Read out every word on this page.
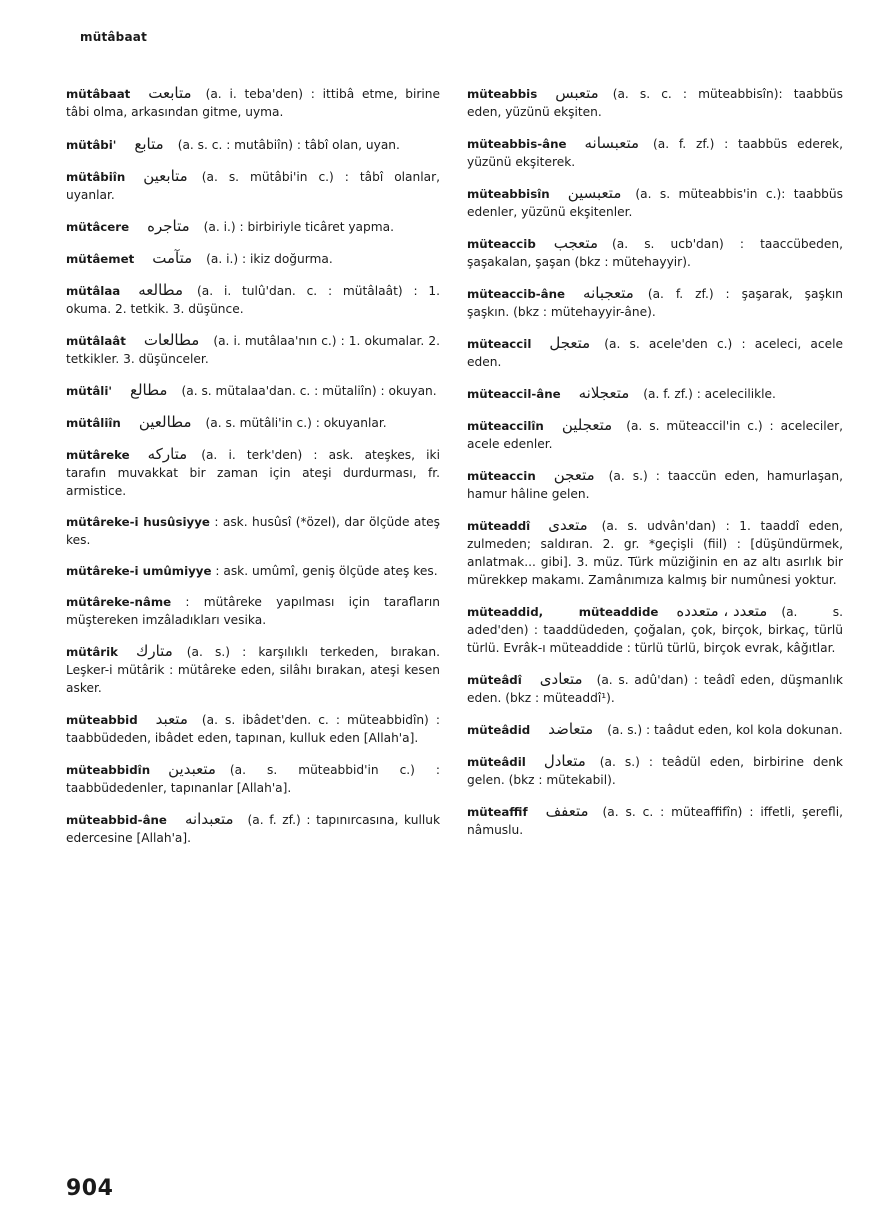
mütâbaat
mütâbaat متابعت (a. i. teba'den) : ittibâ etme, birine tâbi olma, arkasından gitme, uyma.
mütâbi' متابع (a. s. c. : mutâbiîn) : tâbî olan, uyan.
mütâbiîn متابعين (a. s. mütâbi'in c.) : tâbî olanlar, uyanlar.
mütâcere متاجره (a. i.) : birbiriyle ticâret yapma.
mütâemet متآمت (a. i.) : ikiz doğurma.
mütâlaa مطالعه (a. i. tulû'dan. c. : mütâlaât) : 1. okuma. 2. tetkik. 3. düşünce.
mütâlaât مطالعات (a. i. mutâlaa'nın c.) : 1. okumalar. 2. tetkikler. 3. düşünceler.
mütâli' مطالع (a. s. mütalaa'dan. c. : mütaliîn) : okuyan.
mütâliîn مطالعين (a. s. mütâli'in c.) : okuyanlar.
mütâreke متاركه (a. i. terk'den) : ask. ateşkes, iki tarafın muvakkat bir zaman için ateşi durdurması, fr. armistice.
mütâreke-i husûsiyye : ask. husûsî (*özel), dar ölçüde ateş kes.
mütâreke-i umûmiyye : ask. umûmî, geniş ölçüde ateş kes.
mütâreke-nâme : mütâreke yapılması için tarafların müştereken imzâladıkları vesika.
mütârik متارك (a. s.) : karşılıklı terkeden, bırakan. Leşker-i mütârik : mütâreke eden, silâhı bırakan, ateşi kesen asker.
müteabbid متعبد (a. s. ibâdet'den. c. : müteabbidîn) : taabbüdeden, ibâdet eden, tapınan, kulluk eden [Allah'a].
müteabbidîn متعبدين (a. s. müteabbid'in c.) : taabbüdedenler, tapınanlar [Allah'a].
müteabbid-âne متعبدانه (a. f. zf.) : tapınırcasına, kulluk edercesine [Allah'a].
müteabbis متعبس (a. s. c. : müteabbisîn): taabbüs eden, yüzünü ekşiten.
müteabbis-âne متعبسانه (a. f. zf.) : taabbüs ederek, yüzünü ekşiterek.
müteabbisîn متعبسين (a. s. müteabbis'in c.): taabbüs edenler, yüzünü ekşitenler.
müteaccib متعجب (a. s. ucb'dan) : taaccübeden, şaşakalan, şaşan (bkz : mütehayyir).
müteaccib-âne متعجبانه (a. f. zf.) : şaşarak, şaşkın şaşkın. (bkz : mütehayyir-âne).
müteaccil متعجل (a. s. acele'den c.) : aceleci, acele eden.
müteaccil-âne متعجلانه (a. f. zf.) : acelecilikle.
müteaccilîn متعجلين (a. s. müteaccil'in c.) : aceleciler, acele edenler.
müteaccin متعجن (a. s.) : taaccün eden, hamurlaşan, hamur hâline gelen.
müteaddî متعدى (a. s. udvân'dan) : 1. taaddî eden, zulmeden; saldıran. 2. gr. *geçişli (fiil) : [düşündürmek, anlatmak... gibi]. 3. müz. Türk müziğinin en az altı asırlık bir mürekkep makamı. Zamânımıza kalmış bir numûnesi yoktur.
müteaddid, müteaddide متعدد ، متعدده (a. s. aded'den) : taaddüdeden, çoğalan, çok, birçok, birkaç, türlü türlü. Evrâk-ı müteaddide : türlü türlü, birçok evrak, kâğıtlar.
müteâdî متعادى (a. s. adû'dan) : teâdî eden, düşmanlık eden. (bkz : müteaddî¹).
müteâdid متعاضد (a. s.) : taâdut eden, kol kola dokunan.
müteâdil متعادل (a. s.) : teâdül eden, birbirine denk gelen. (bkz : mütekabil).
müteaffif متعفف (a. s. c. : müteaffifîn) : iffetli, şerefli, nâmuslu.
904
